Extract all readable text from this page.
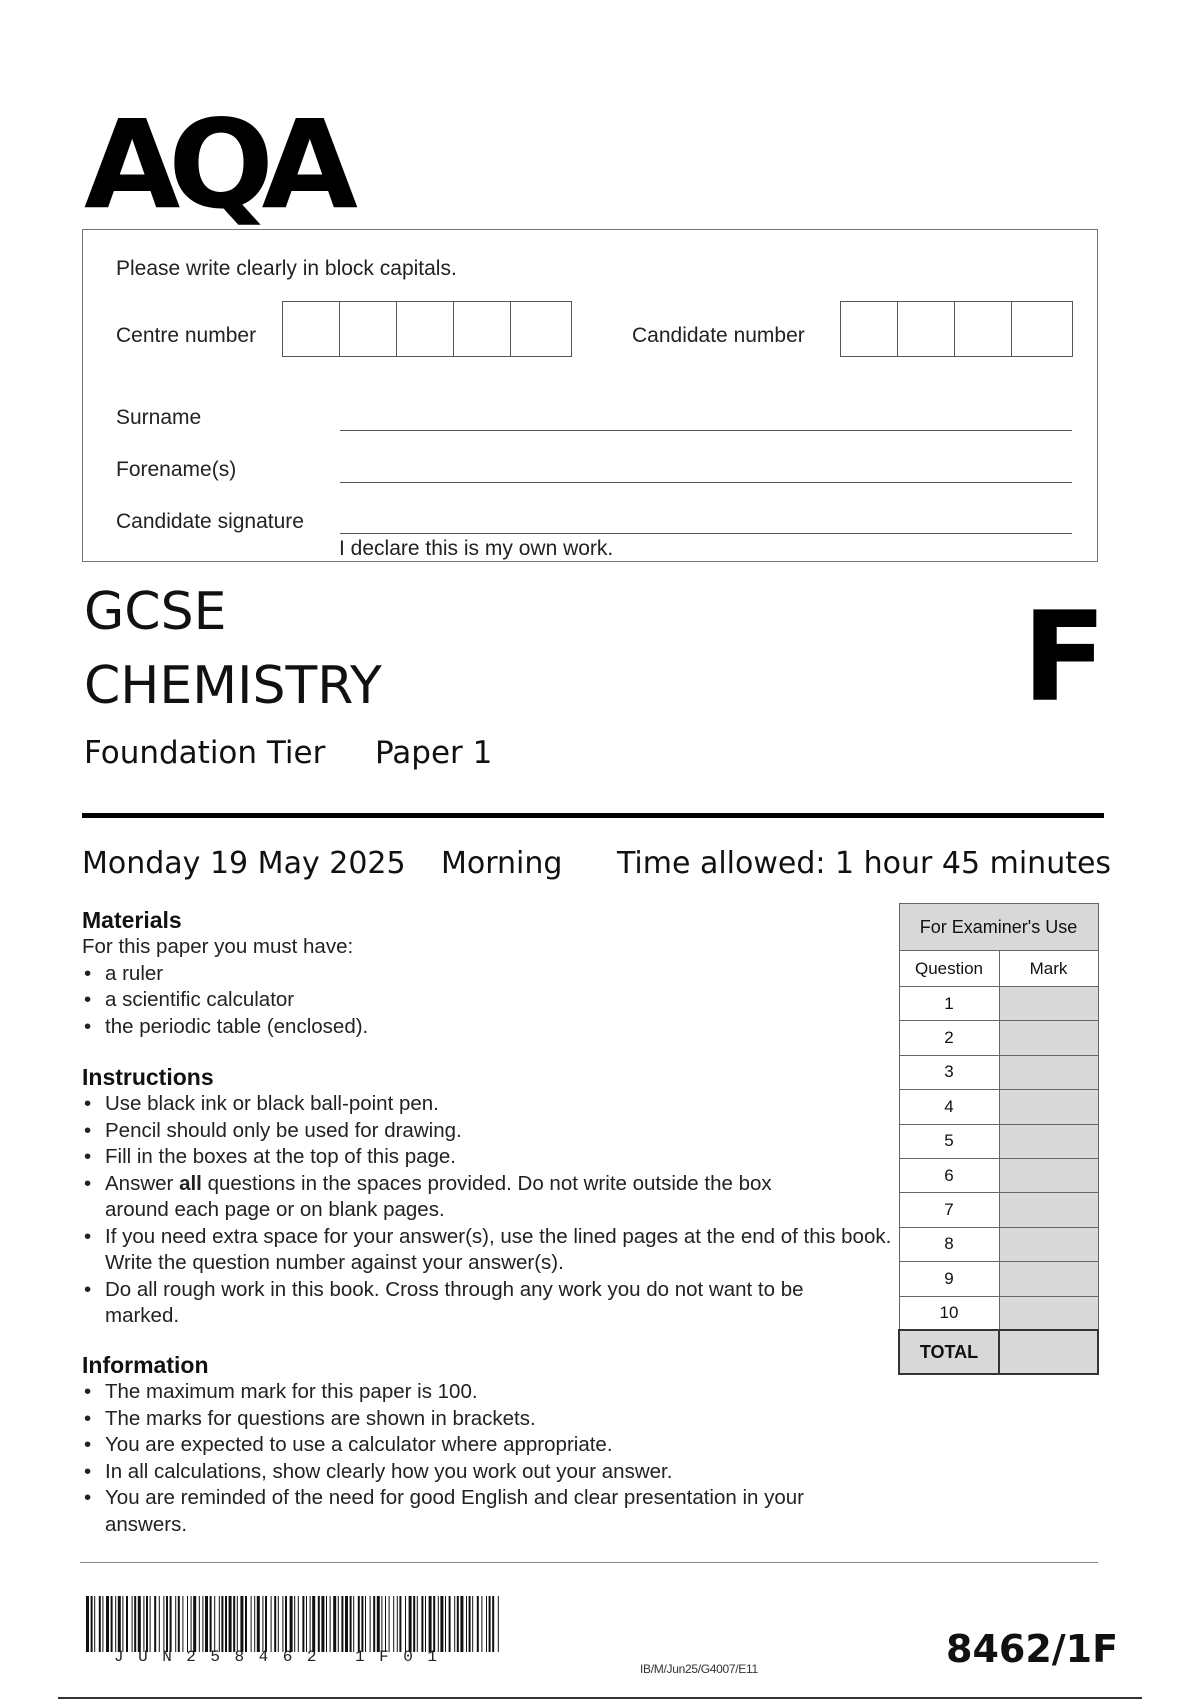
AQA
Please write clearly in block capitals.
Centre number	Candidate number
Surname
Forename(s)
Candidate signature
I declare this is my own work.
GCSE
CHEMISTRY
Foundation Tier Paper 1
F
Monday 19 May 2025 Morning Time allowed: 1 hour 45 minutes
Materials
For this paper you must have:
• a ruler
• a scientific calculator
• the periodic table (enclosed).
Instructions
• Use black ink or black ball-point pen.
• Pencil should only be used for drawing.
• Fill in the boxes at the top of this page.
• Answer all questions in the spaces provided. Do not write outside the box around each page or on blank pages.
• If you need extra space for your answer(s), use the lined pages at the end of this book. Write the question number against your answer(s).
• Do all rough work in this book. Cross through any work you do not want to be marked.
Information
• The maximum mark for this paper is 100.
• The marks for questions are shown in brackets.
• You are expected to use a calculator where appropriate.
• In all calculations, show clearly how you work out your answer.
• You are reminded of the need for good English and clear presentation in your answers.
For Examiner's Use	
Question	Mark
1	
2	
3	
4	
5	
6	
7	
8	
9	
10	
TOTAL	
JUN258462 1F01
IB/M/Jun25/G4007/E11	8462/1F
